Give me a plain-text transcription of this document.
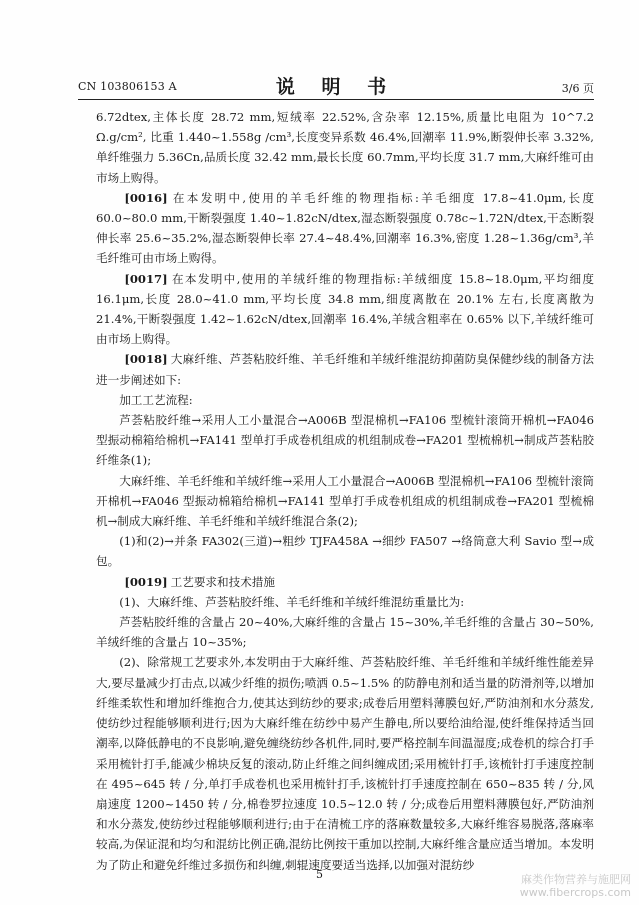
CN 103806153 A	说 明 书	3/6 页

6.72dtex,主体长度 28.72 mm,短绒率 22.52%,含杂率 12.15%,质量比电阻为 10^7.2 Ω.g/cm², 比重 1.440~1.558g /cm³,长度变异系数 46.4%,回潮率 11.9%,断裂伸长率 3.32%,单纤维强力 5.36Cn,品质长度 32.42 mm,最长长度 60.7mm,平均长度 31.7 mm,大麻纤维可由市场上购得。

[0016] 在本发明中,使用的羊毛纤维的物理指标:羊毛细度 17.8~41.0μm,长度 60.0~80.0 mm,干断裂强度 1.40~1.82cN/dtex,湿态断裂强度 0.78c~1.72N/dtex,干态断裂伸长率 25.6~35.2%,湿态断裂伸长率 27.4~48.4%,回潮率 16.3%,密度 1.28~1.36g/cm³,羊毛纤维可由市场上购得。

[0017] 在本发明中,使用的羊绒纤维的物理指标:羊绒细度 15.8~18.0μm,平均细度 16.1μm,长度 28.0~41.0 mm,平均长度 34.8 mm,细度离散在 20.1% 左右,长度离散为 21.4%,干断裂强度 1.42~1.62cN/dtex,回潮率 16.4%,羊绒含粗率在 0.65% 以下,羊绒纤维可由市场上购得。

[0018] 大麻纤维、芦荟粘胶纤维、羊毛纤维和羊绒纤维混纺抑菌防臭保健纱线的制备方法进一步阐述如下:

加工工艺流程:

芦荟粘胶纤维→采用人工小量混合→A006B 型混棉机→FA106 型梳针滚筒开棉机→FA046 型振动棉箱给棉机→FA141 型单打手成卷机组成的机组制成卷→FA201 型梳棉机→制成芦荟粘胶纤维条(1);

大麻纤维、羊毛纤维和羊绒纤维→采用人工小量混合→A006B 型混棉机→FA106 型梳针滚筒开棉机→FA046 型振动棉箱给棉机→FA141 型单打手成卷机组成的机组制成卷→FA201 型梳棉机→制成大麻纤维、羊毛纤维和羊绒纤维混合条(2);

(1)和(2)→并条 FA302(三道)→粗纱 TJFA458A →细纱 FA507 →络筒意大利 Savio 型→成包。

[0019] 工艺要求和技术措施

(1)、大麻纤维、芦荟粘胶纤维、羊毛纤维和羊绒纤维混纺重量比为:

芦荟粘胶纤维的含量占 20~40%,大麻纤维的含量占 15~30%,羊毛纤维的含量占 30~50%,羊绒纤维的含量占 10~35%;

(2)、除常规工艺要求外,本发明由于大麻纤维、芦荟粘胶纤维、羊毛纤维和羊绒纤维性能差异大,要尽量减少打击点,以减少纤维的损伤;喷洒 0.5~1.5% 的防静电剂和适当量的防滑剂等,以增加纤维柔软性和增加纤维抱合力,使其达到纺纱的要求;成卷后用塑料薄膜包好,严防油剂和水分蒸发,使纺纱过程能够顺利进行;因为大麻纤维在纺纱中易产生静电,所以要给油给湿,使纤维保持适当回潮率,以降低静电的不良影响,避免缠绕纺纱各机件,同时,要严格控制车间温湿度;成卷机的综合打手采用梳针打手,能减少棉块反复的滚动,防止纤维之间纠缠成团;采用梳针打手,该梳针打手速度控制在 495~645 转 / 分,单打手成卷机也采用梳针打手,该梳针打手速度控制在 650~835 转 / 分,风扇速度 1200~1450 转 / 分,棉卷罗拉速度 10.5~12.0 转 / 分;成卷后用塑料薄膜包好,严防油剂和水分蒸发,使纺纱过程能够顺利进行;由于在清梳工序的落麻数量较多,大麻纤维容易脱落,落麻率较高,为保证混和均匀和混纺比例正确,混纺比例按干重加以控制,大麻纤维含量应适当增加。本发明为了防止和避免纤维过多损伤和纠缠,刺辊速度要适当选择,以加强对混纺纱

5	麻类作物营养与施肥网
www.fibercrops.com
